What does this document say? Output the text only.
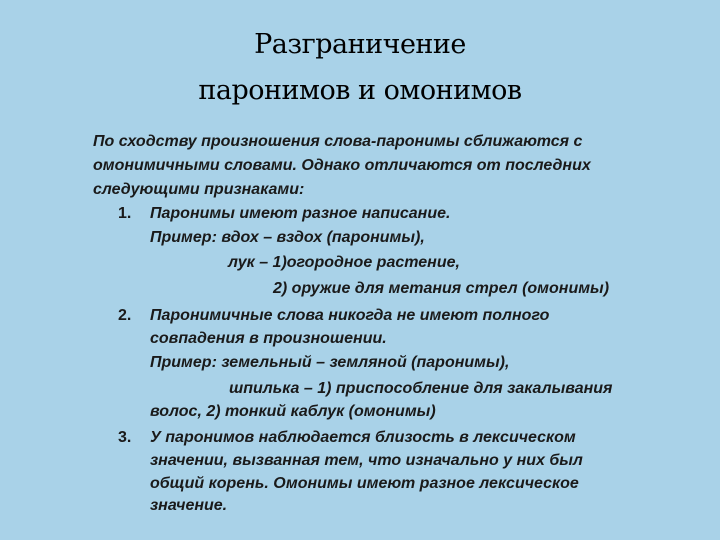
Разграничение
паронимов и омонимов
По сходству произношения слова-паронимы сближаются с
омонимичными словами. Однако отличаются от последних
следующими признаками:
1. Паронимы имеют разное написание.
Пример: вдох – вздох (паронимы),
лук – 1)огородное растение,
2) оружие для метания стрел (омонимы)
2. Паронимичные слова никогда не имеют полного
совпадения в произношении.
Пример: земельный – земляной (паронимы),
шпилька – 1) приспособление для закалывания
волос, 2) тонкий каблук (омонимы)
3. У паронимов наблюдается близость в лексическом
значении, вызванная тем, что изначально у них был
общий корень. Омонимы имеют разное лексическое
значение.
